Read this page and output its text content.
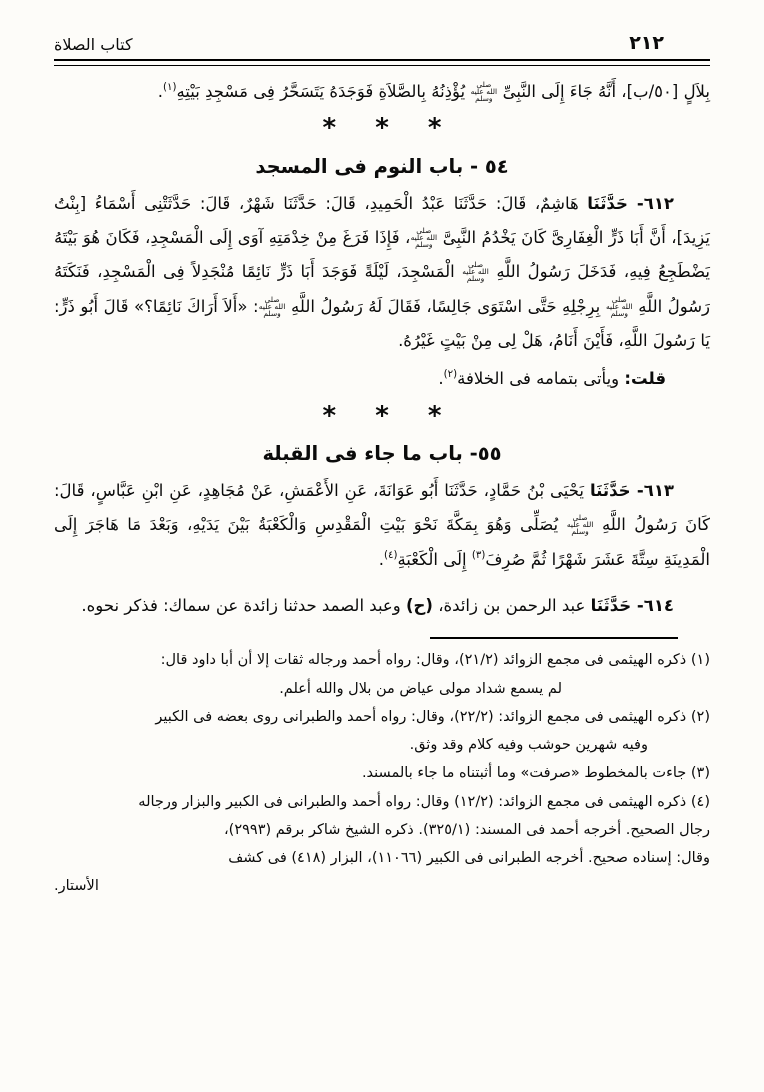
٢١٢
كتاب الصلاة

بِلاَلٍ [٥٠/ب]، أَنَّهُ جَاءَ إِلَى النَّبِىِّ صلى الله عليه وسلم يُؤْذِنُهُ بِالصَّلاَةِ فَوَجَدَهُ يَتَسَحَّرُ فِى مَسْجِدِ بَيْتِهِ$^{(١)}$.

* * *
٥٤ - باب النوم فى المسجد

٦١٢- حَدَّثَنَا هَاشِمٌ، قَالَ: حَدَّثَنَا عَبْدُ الْحَمِيدِ، قَالَ: حَدَّثَنَا شَهْرٌ، قَالَ: حَدَّثَتْنِى أَسْمَاءُ [بِنْتُ يَزِيدَ]، أَنَّ أَبَا ذَرٍّ الْغِفَارِىَّ كَانَ يَخْدُمُ النَّبِىَّ صلى الله عليه وسلم، فَإِذَا فَرَغَ مِنْ خِدْمَتِهِ آوَى إِلَى الْمَسْجِدِ، فَكَانَ هُوَ بَيْتَهُ يَضْطَجِعُ فِيهِ، فَدَخَلَ رَسُولُ اللَّهِ صلى الله عليه وسلم الْمَسْجِدَ، لَيْلَةً فَوَجَدَ أَبَا ذَرٍّ نَائِمًا مُنْجَدِلاً فِى الْمَسْجِدِ، فَنَكَتَهُ رَسُولُ اللَّهِ صلى الله عليه وسلم بِرِجْلِهِ حَتَّى اسْتَوَى جَالِسًا، فَقَالَ لَهُ رَسُولُ اللَّهِ صلى الله عليه وسلم: «أَلاَ أَرَاكَ نَائِمًا؟» قَالَ أَبُو ذَرٍّ: يَا رَسُولَ اللَّهِ، فَأَيْنَ أَنَامُ، هَلْ لِى مِنْ بَيْتٍ غَيْرُهُ.

قلت: ويأتى بتمامه فى الخلافة$^{(٢)}$.

* * *
٥٥- باب ما جاء فى القبلة

٦١٣- حَدَّثَنَا يَحْيَى بْنُ حَمَّادٍ، حَدَّثَنَا أَبُو عَوَانَةَ، عَنِ الأَعْمَشِ، عَنْ مُجَاهِدٍ، عَنِ ابْنِ عَبَّاسٍ، قَالَ: كَانَ رَسُولُ اللَّهِ صلى الله عليه وسلم يُصَلِّى وَهُوَ بِمَكَّةَ نَحْوَ بَيْتِ الْمَقْدِسِ وَالْكَعْبَةُ بَيْنَ يَدَيْهِ، وَبَعْدَ مَا هَاجَرَ إِلَى الْمَدِينَةِ سِتَّةَ عَشَرَ شَهْرًا ثُمَّ صُرِفَ$^{(٣)}$ إِلَى الْكَعْبَةِ$^{(٤)}$.

٦١٤- حَدَّثَنَا عبد الرحمن بن زائدة، (ح) وعبد الصمد حدثنا زائدة عن سماك: فذكر نحوه.

(١) ذكره الهيثمى فى مجمع الزوائد (٢١/٢)، وقال: رواه أحمد ورجاله ثقات إلا أن أبا داود قال:
لم يسمع شداد مولى عياض من بلال والله أعلم.
(٢) ذكره الهيثمى فى مجمع الزوائد: (٢٢/٢)، وقال: رواه أحمد والطبرانى روى بعضه فى الكبير
وفيه شهرين حوشب وفيه كلام وقد وثق.
(٣) جاءت بالمخطوط «صرفت» وما أثبتناه ما جاء بالمسند.
(٤) ذكره الهيثمى فى مجمع الزوائد: (١٢/٢) وقال: رواه أحمد والطبرانى فى الكبير والبزار ورجاله
رجال الصحيح. أخرجه أحمد فى المسند: (٣٢٥/١). ذكره الشيخ شاكر برقم (٢٩٩٣)،
وقال: إسناده صحيح. أخرجه الطبرانى فى الكبير (١١٠٦٦)، البزار (٤١٨) فى كشف
الأستار.
